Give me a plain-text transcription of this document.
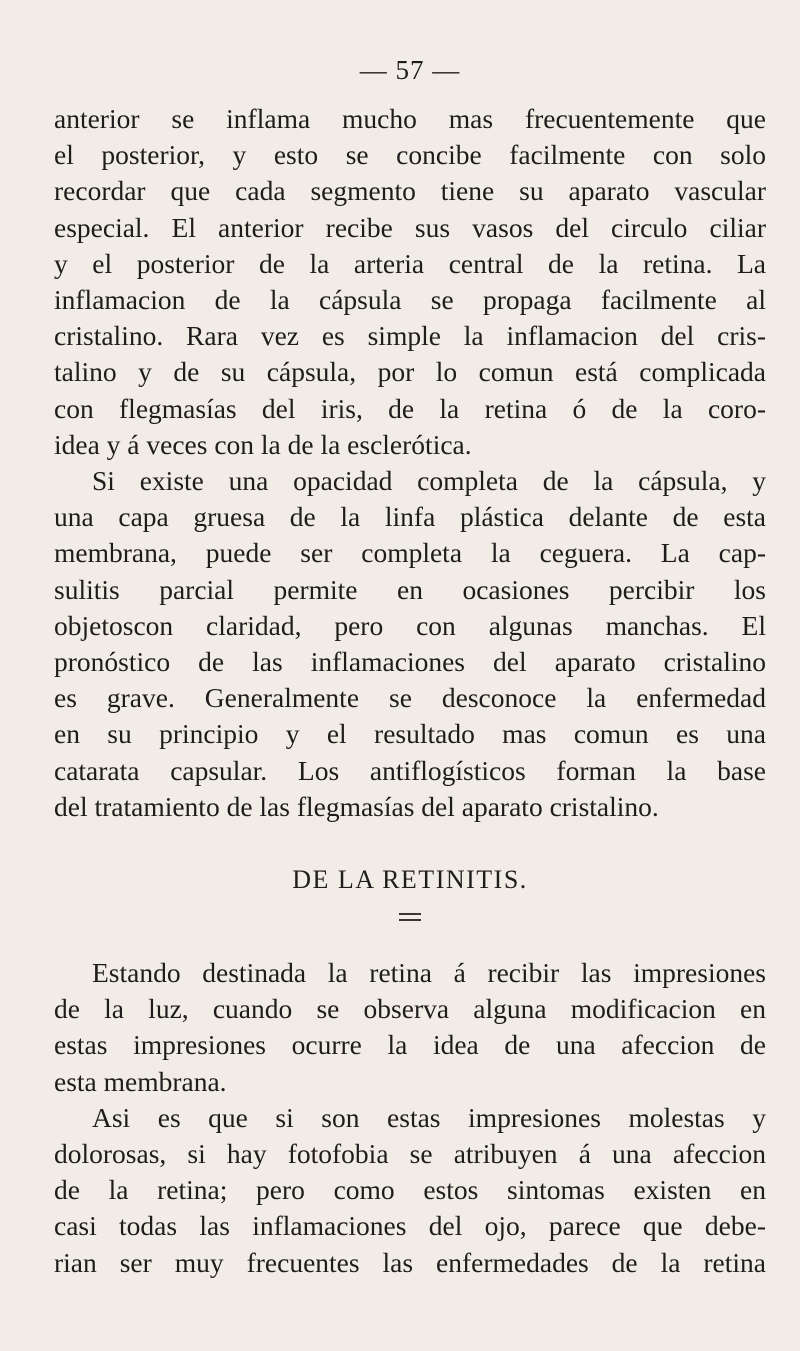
— 57 —

anterior se inflama mucho mas frecuentemente que
el posterior, y esto se concibe facilmente con solo
recordar que cada segmento tiene su aparato vascular
especial. El anterior recibe sus vasos del circulo ciliar
y el posterior de la arteria central de la retina. La
inflamacion de la cápsula se propaga facilmente al
cristalino. Rara vez es simple la inflamacion del cris-
talino y de su cápsula, por lo comun está complicada
con flegmasías del iris, de la retina ó de la coro-
idea y á veces con la de la esclerótica.

Si existe una opacidad completa de la cápsula, y
una capa gruesa de la linfa plástica delante de esta
membrana, puede ser completa la ceguera. La cap-
sulitis parcial permite en ocasiones percibir los
objetoscon claridad, pero con algunas manchas. El
pronóstico de las inflamaciones del aparato cristalino
es grave. Generalmente se desconoce la enfermedad
en su principio y el resultado mas comun es una
catarata capsular. Los antiflogísticos forman la base
del tratamiento de las flegmasías del aparato cristalino.

DE LA RETINITIS.

Estando destinada la retina á recibir las impresiones
de la luz, cuando se observa alguna modificacion en
estas impresiones ocurre la idea de una afeccion de
esta membrana.

Asi es que si son estas impresiones molestas y
dolorosas, si hay fotofobia se atribuyen á una afeccion
de la retina; pero como estos sintomas existen en
casi todas las inflamaciones del ojo, parece que debe-
rian ser muy frecuentes las enfermedades de la retina
